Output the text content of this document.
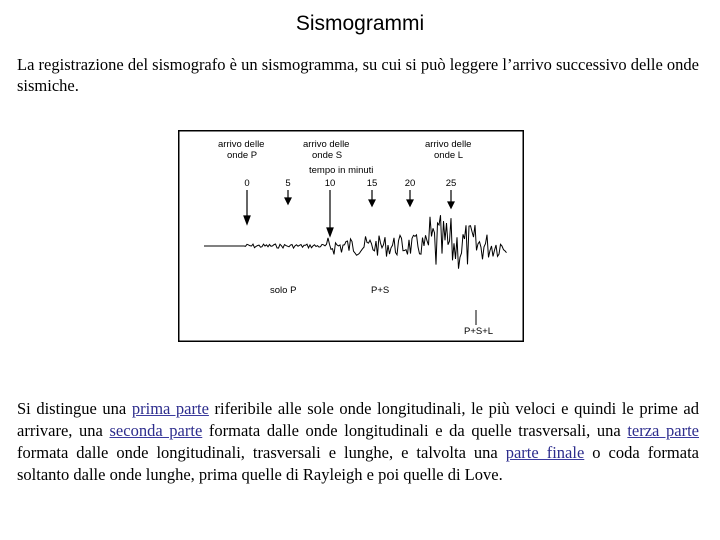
Sismogrammi
La registrazione del sismografo è un sismogramma, su cui si può leggere l’arrivo successivo delle onde sismiche.
arrivo delle
onde P
arrivo delle
onde S
arrivo delle
onde L
tempo in minuti
0	5	10	15	20	25
solo P	P+S
P+S+L
Si distingue una prima parte riferibile alle sole onde longitudinali, le più veloci e quindi le prime ad arrivare, una seconda parte formata dalle onde longitudinali e da quelle trasversali, una terza parte formata dalle onde longitudinali, trasversali e lunghe, e talvolta una parte finale o coda formata soltanto dalle onde lunghe, prima quelle di Rayleigh e poi quelle di Love.
